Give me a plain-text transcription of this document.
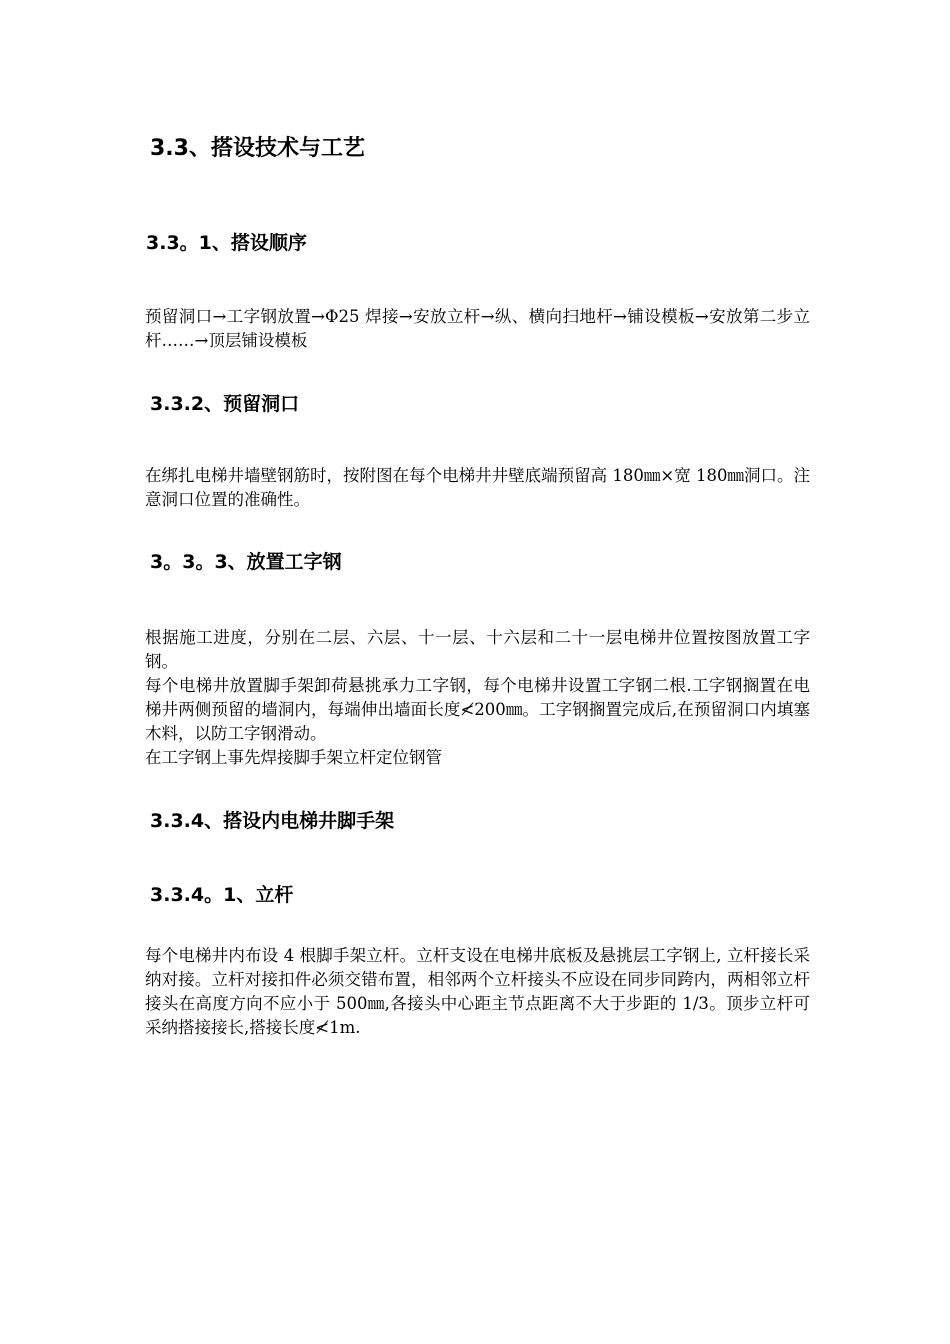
3.3、搭设技术与工艺
3.3。1、搭设顺序

预留洞口→工字钢放置→Φ25 焊接→安放立杆→纵、横向扫地杆→铺设模板→安放第二步立杆……→顶层铺设模板

3.3.2、预留洞口

在绑扎电梯井墙壁钢筋时，按附图在每个电梯井井壁底端预留高 180㎜×宽 180㎜洞口。注意洞口位置的准确性。

3。3。3、放置工字钢

根据施工进度，分别在二层、六层、十一层、十六层和二十一层电梯井位置按图放置工字钢。

每个电梯井放置脚手架卸荷悬挑承力工字钢，每个电梯井设置工字钢二根.工字钢搁置在电梯井两侧预留的墙洞内，每端伸出墙面长度≮200㎜。工字钢搁置完成后,在预留洞口内填塞木料，以防工字钢滑动。

在工字钢上事先焊接脚手架立杆定位钢管

3.3.4、搭设内电梯井脚手架
3.3.4。1、立杆

每个电梯井内布设 4 根脚手架立杆。立杆支设在电梯井底板及悬挑层工字钢上, 立杆接长采纳对接。立杆对接扣件必须交错布置，相邻两个立杆接头不应设在同步同跨内，两相邻立杆接头在高度方向不应小于 500㎜,各接头中心距主节点距离不大于步距的 1/3。顶步立杆可采纳搭接接长,搭接长度≮1m.
